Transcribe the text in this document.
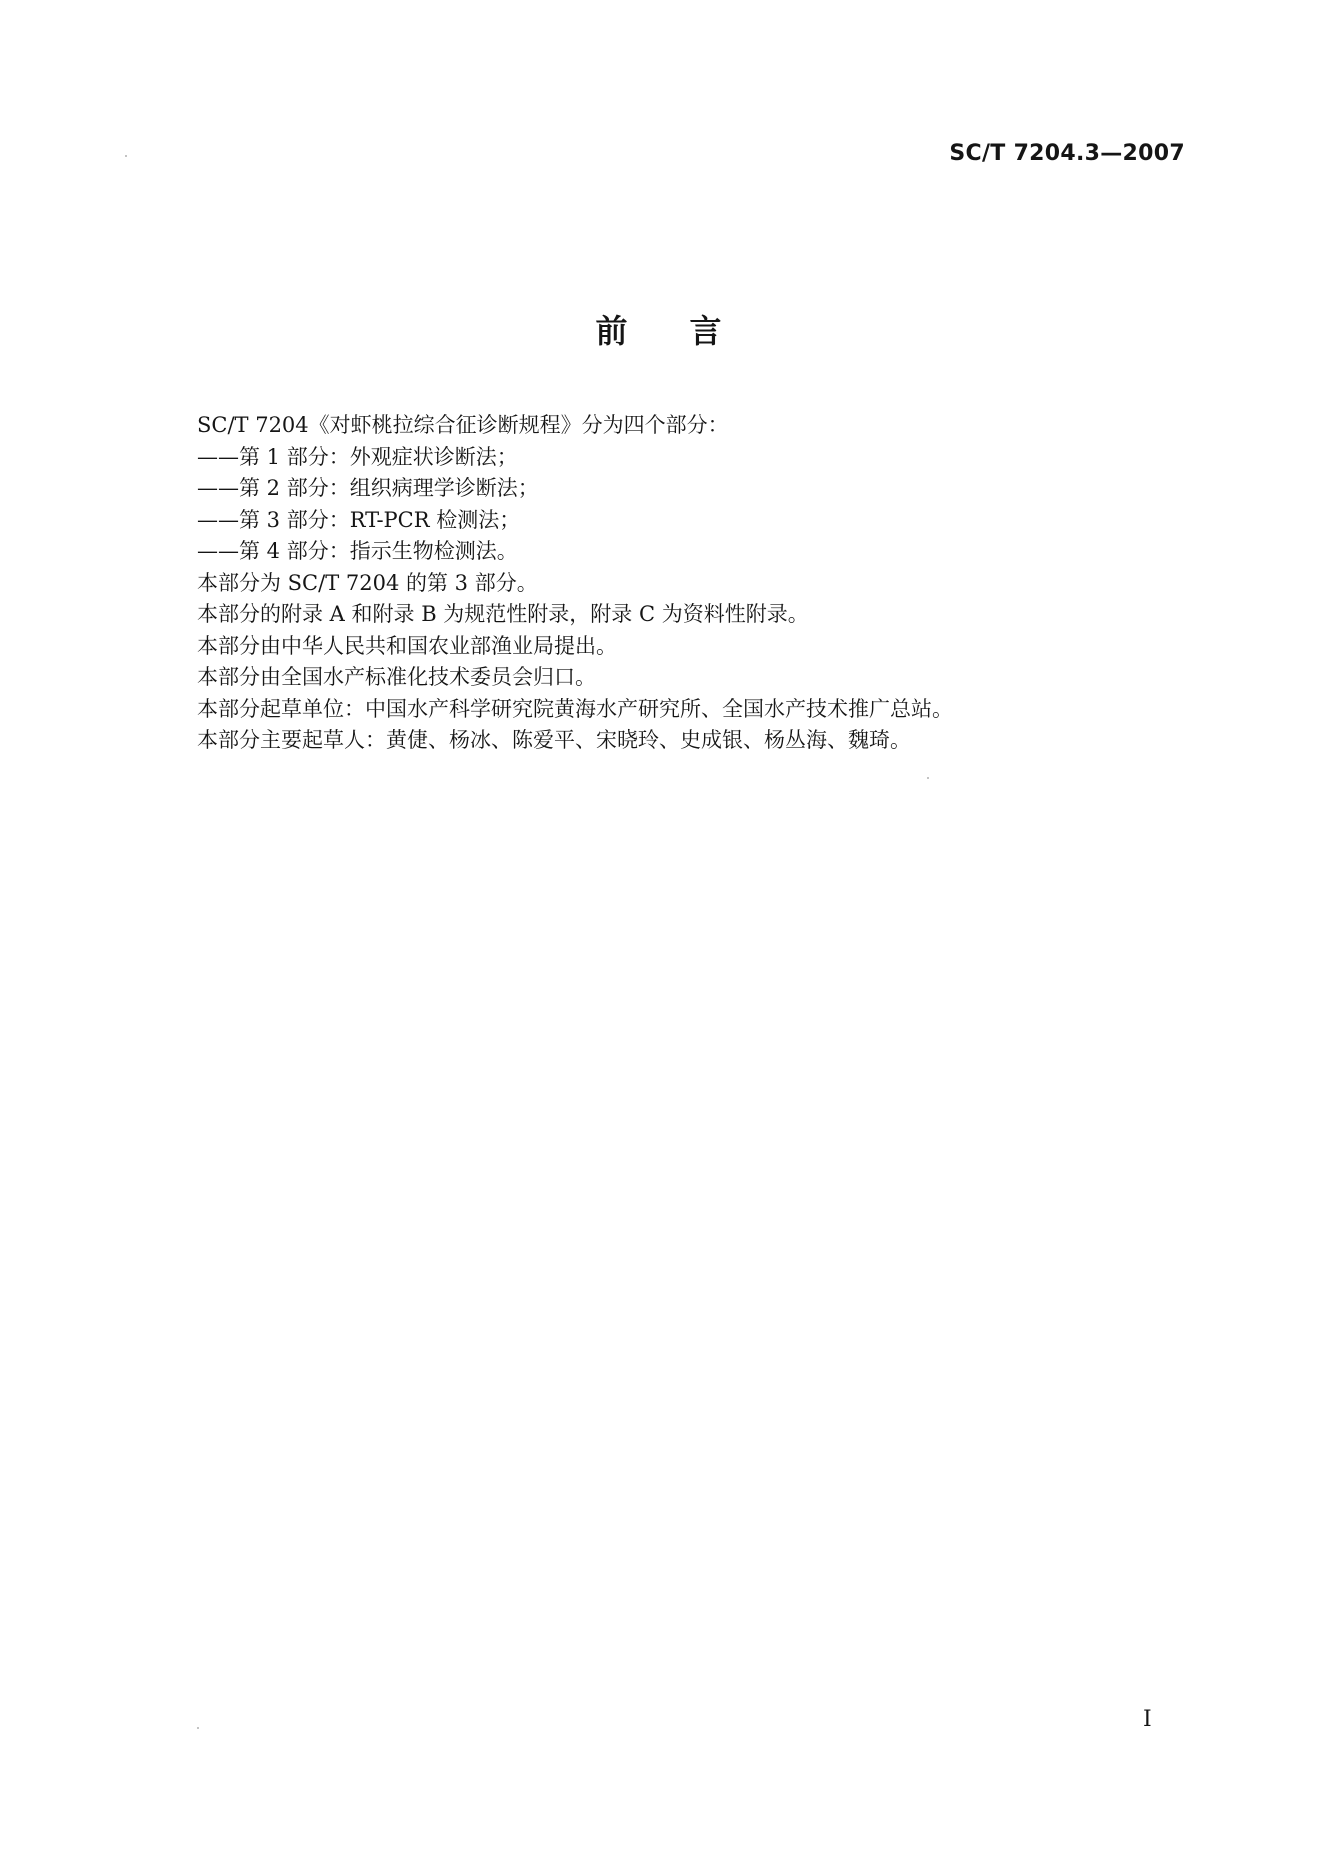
SC/T 7204.3—2007
前言
SC/T 7204《对虾桃拉综合征诊断规程》分为四个部分：
——第 1 部分：外观症状诊断法；
——第 2 部分：组织病理学诊断法；
——第 3 部分：RT-PCR 检测法；
——第 4 部分：指示生物检测法。
本部分为 SC/T 7204 的第 3 部分。
本部分的附录 A 和附录 B 为规范性附录，附录 C 为资料性附录。
本部分由中华人民共和国农业部渔业局提出。
本部分由全国水产标准化技术委员会归口。
本部分起草单位：中国水产科学研究院黄海水产研究所、全国水产技术推广总站。
本部分主要起草人：黄倢、杨冰、陈爱平、宋晓玲、史成银、杨丛海、魏琦。
I
